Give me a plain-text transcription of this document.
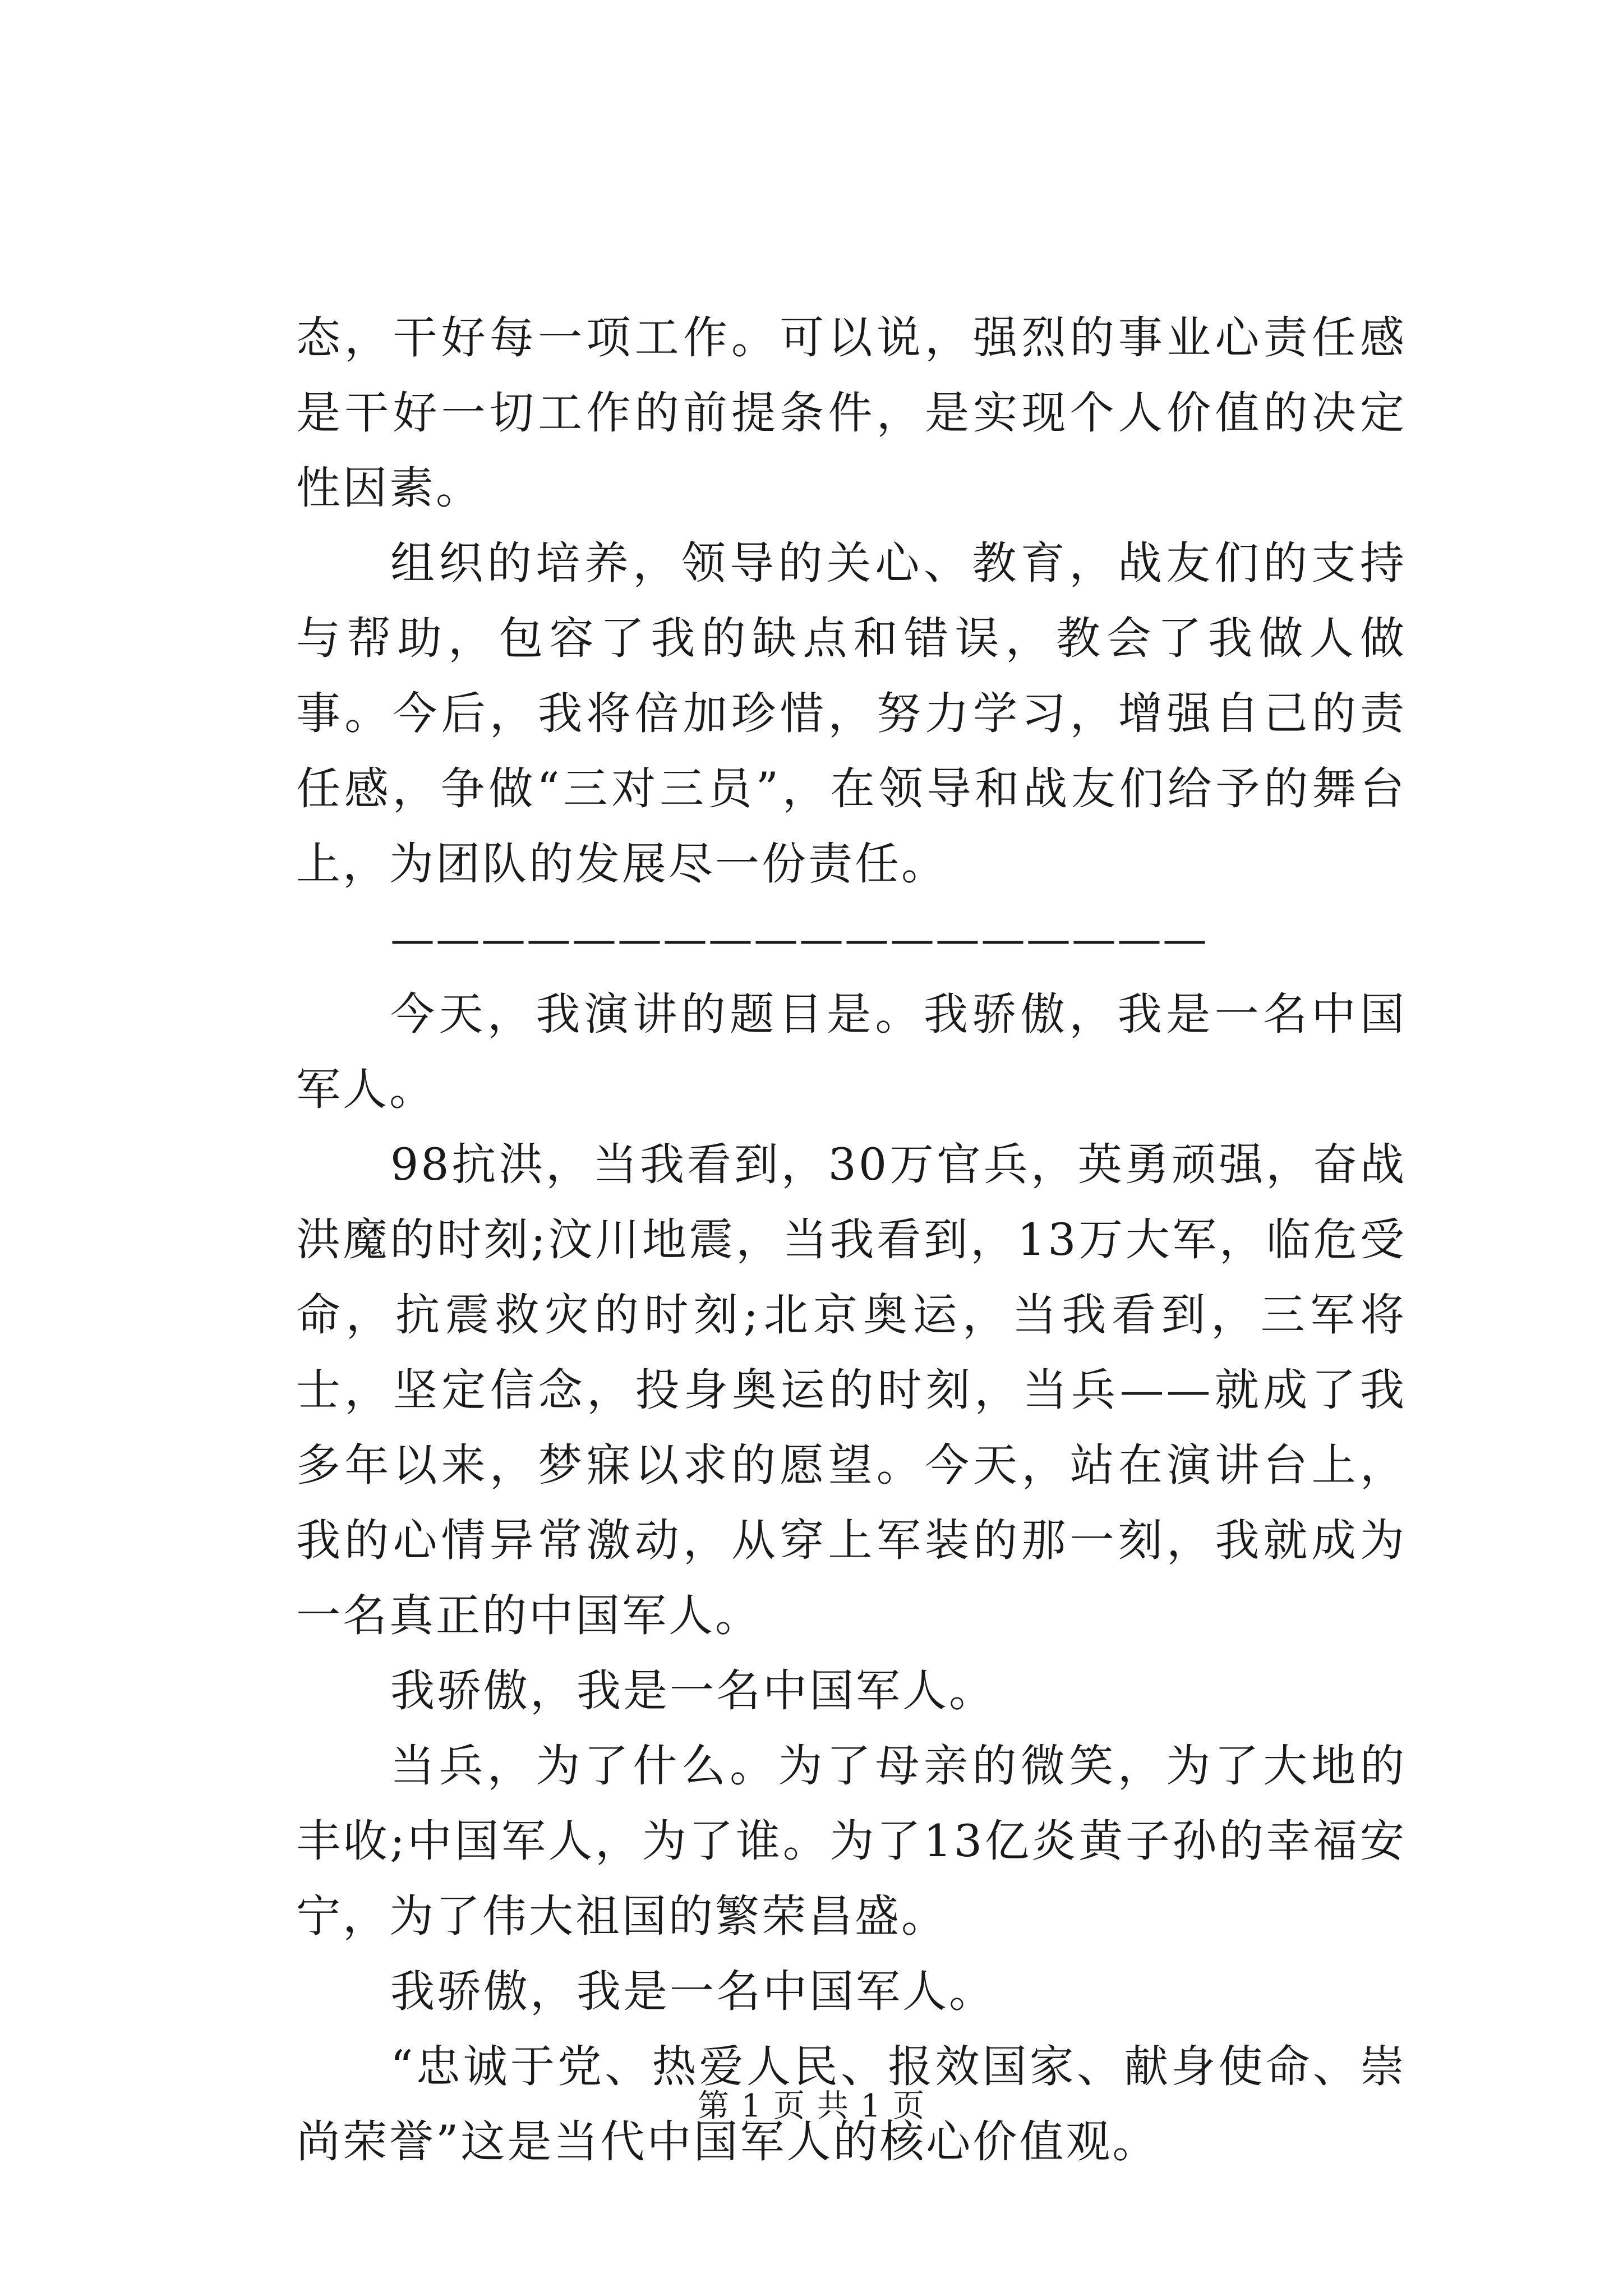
态，干好每一项工作。可以说，强烈的事业心责任感是干好一切工作的前提条件，是实现个人价值的决定性因素。

组织的培养，领导的关心、教育，战友们的支持与帮助，包容了我的缺点和错误，教会了我做人做事。今后，我将倍加珍惜，努力学习，增强自己的责任感，争做“三对三员”，在领导和战友们给予的舞台上，为团队的发展尽一份责任。

——————————————————

今天，我演讲的题目是。我骄傲，我是一名中国军人。

98抗洪，当我看到，30万官兵，英勇顽强，奋战洪魔的时刻;汶川地震，当我看到，13万大军，临危受命，抗震救灾的时刻;北京奥运，当我看到，三军将士，坚定信念，投身奥运的时刻，当兵——就成了我多年以来，梦寐以求的愿望。今天，站在演讲台上，我的心情异常激动，从穿上军装的那一刻，我就成为一名真正的中国军人。

我骄傲，我是一名中国军人。

当兵，为了什么。为了母亲的微笑，为了大地的丰收;中国军人，为了谁。为了13亿炎黄子孙的幸福安宁，为了伟大祖国的繁荣昌盛。

我骄傲，我是一名中国军人。

“忠诚于党、热爱人民、报效国家、献身使命、崇尚荣誉”这是当代中国军人的核心价值观。

第 1 页 共 1 页
